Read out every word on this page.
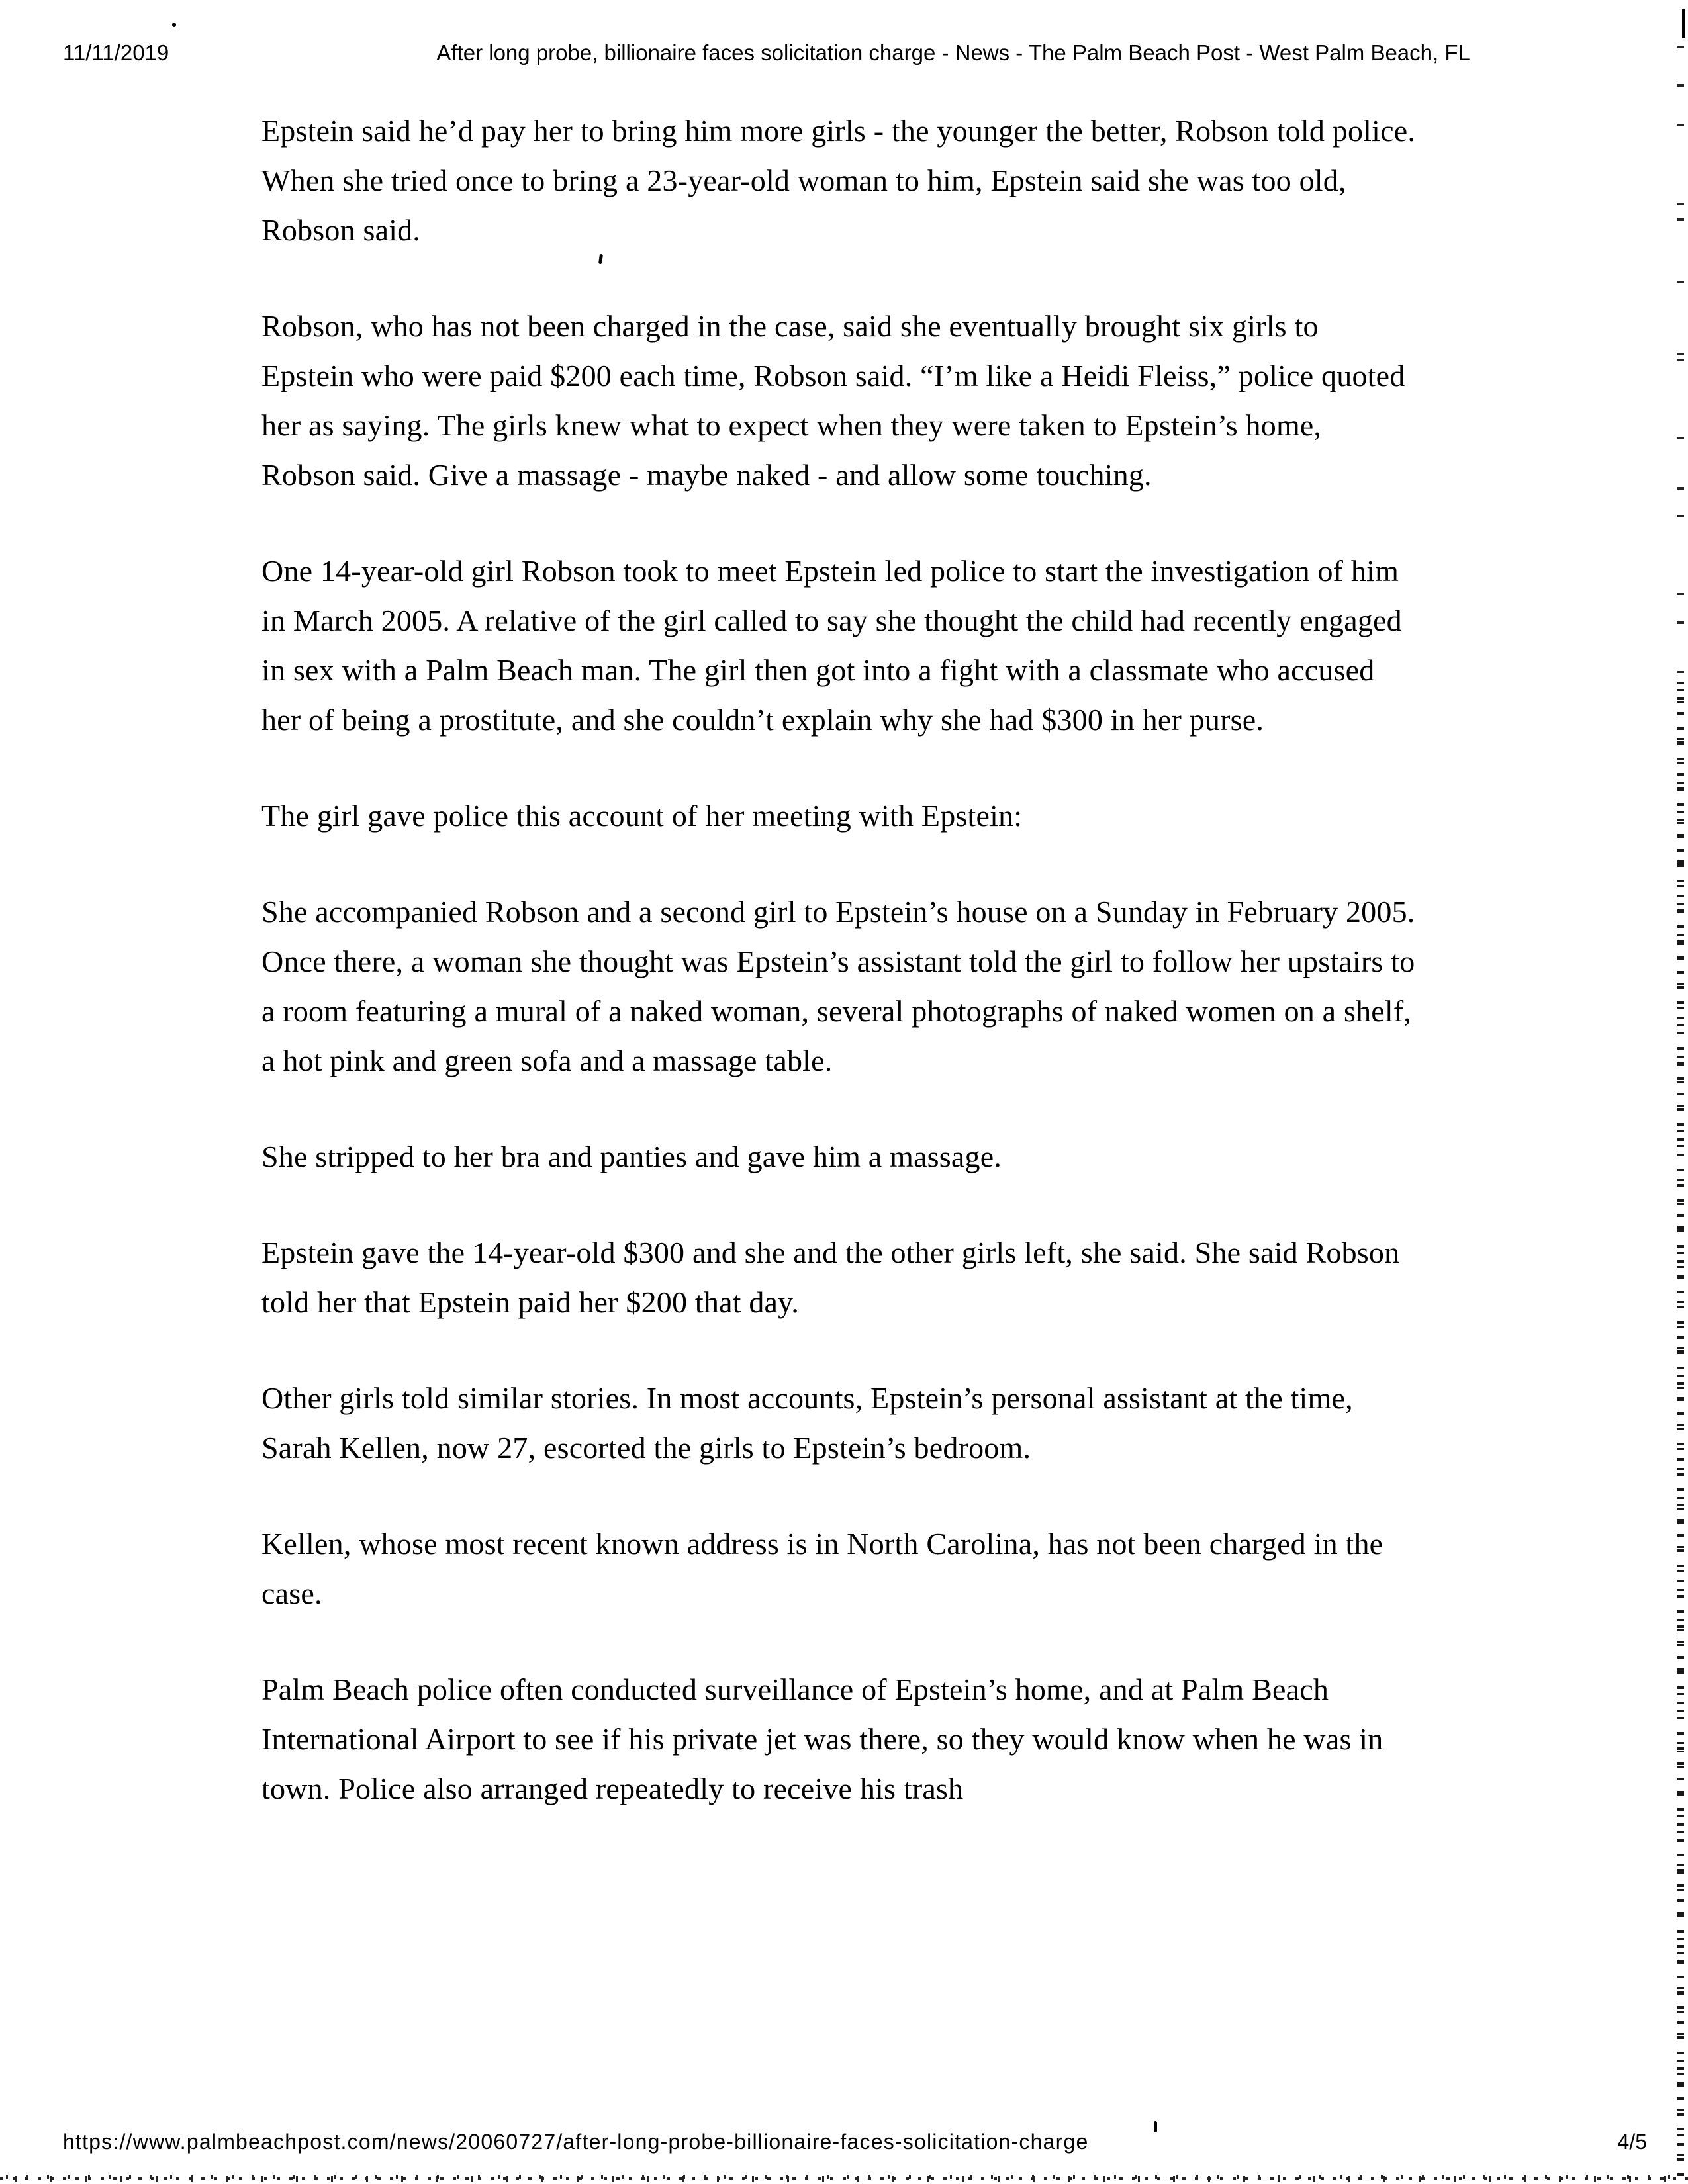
11/11/2019	After long probe, billionaire faces solicitation charge - News - The Palm Beach Post - West Palm Beach, FL

Epstein said he’d pay her to bring him more girls - the younger the better, Robson told police. When she tried once to bring a 23-year-old woman to him, Epstein said she was too old, Robson said.

Robson, who has not been charged in the case, said she eventually brought six girls to Epstein who were paid $200 each time, Robson said. “I’m like a Heidi Fleiss,” police quoted her as saying. The girls knew what to expect when they were taken to Epstein’s home, Robson said. Give a massage - maybe naked - and allow some touching.

One 14-year-old girl Robson took to meet Epstein led police to start the investigation of him in March 2005. A relative of the girl called to say she thought the child had recently engaged in sex with a Palm Beach man. The girl then got into a fight with a classmate who accused her of being a prostitute, and she couldn’t explain why she had $300 in her purse.

The girl gave police this account of her meeting with Epstein:

She accompanied Robson and a second girl to Epstein’s house on a Sunday in February 2005. Once there, a woman she thought was Epstein’s assistant told the girl to follow her upstairs to a room featuring a mural of a naked woman, several photographs of naked women on a shelf, a hot pink and green sofa and a massage table.

She stripped to her bra and panties and gave him a massage.

Epstein gave the 14-year-old $300 and she and the other girls left, she said. She said Robson told her that Epstein paid her $200 that day.

Other girls told similar stories. In most accounts, Epstein’s personal assistant at the time, Sarah Kellen, now 27, escorted the girls to Epstein’s bedroom.

Kellen, whose most recent known address is in North Carolina, has not been charged in the case.

Palm Beach police often conducted surveillance of Epstein’s home, and at Palm Beach International Airport to see if his private jet was there, so they would know when he was in town. Police also arranged repeatedly to receive his trash

https://www.palmbeachpost.com/news/20060727/after-long-probe-billionaire-faces-solicitation-charge	4/5
